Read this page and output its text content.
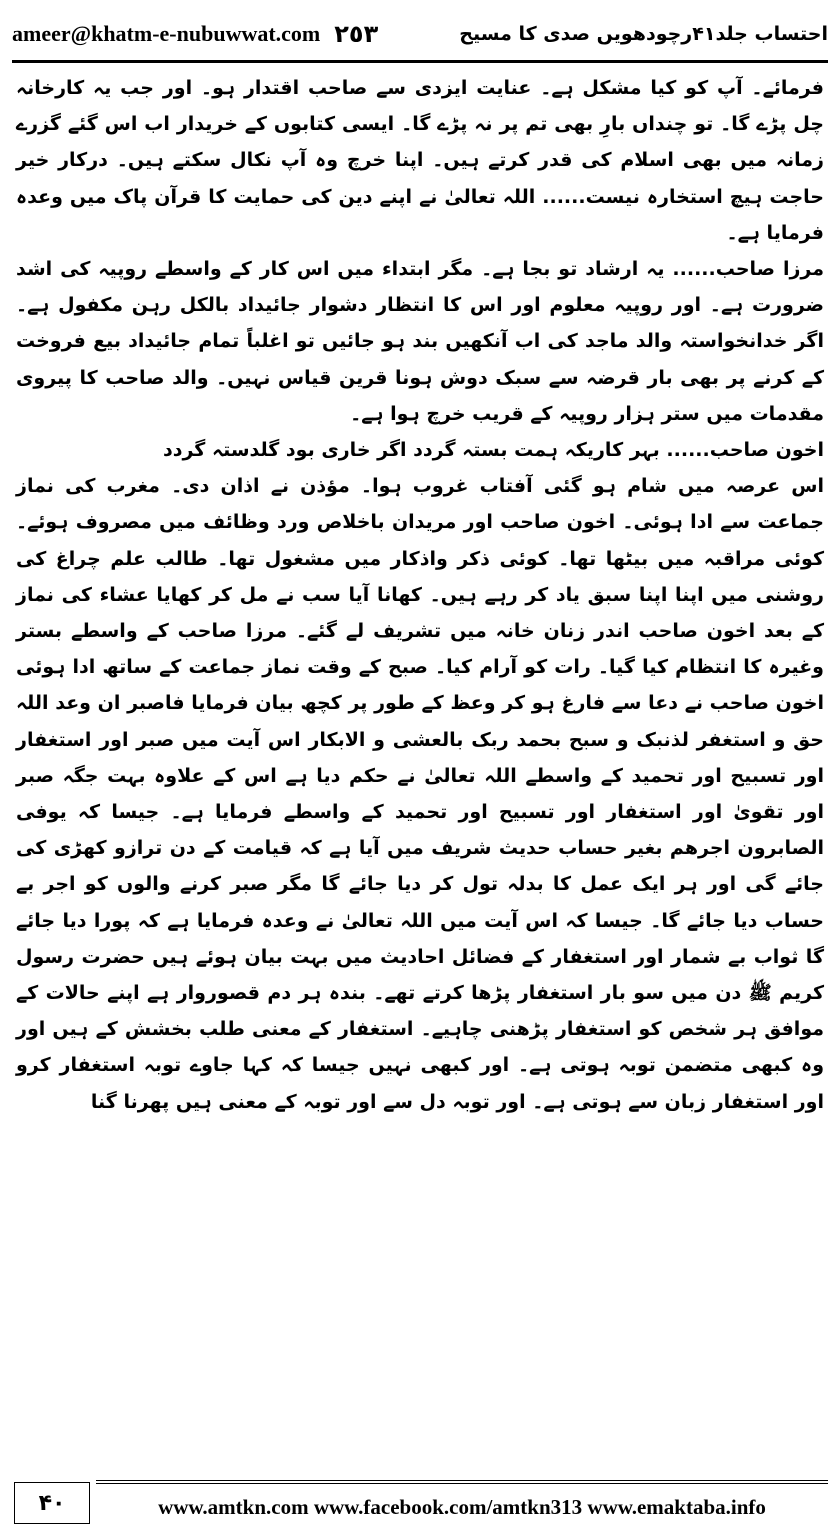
ameer@khatm-e-nubuwwat.com ٢٥٣	احتساب جلد۴۱رچودھویں صدی کا مسیح

فرمائے۔ آپ کو کیا مشکل ہے۔ عنایت ایزدی سے صاحب اقتدار ہو۔ اور جب یہ کارخانہ چل پڑے گا۔ تو چنداں بارِ بھی تم پر نہ پڑے گا۔ ایسی کتابوں کے خریدار اب اس گئے گزرے زمانہ میں بھی اسلام کی قدر کرتے ہیں۔ اپنا خرچ وہ آپ نکال سکتے ہیں۔ درکار خیر حاجت ہیچ استخارہ نیست...... اللہ تعالیٰ نے اپنے دین کی حمایت کا قرآن پاک میں وعدہ فرمایا ہے۔

مرزا صاحب...... یہ ارشاد تو بجا ہے۔ مگر ابتداء میں اس کار کے واسطے روپیہ کی اشد ضرورت ہے۔ اور روپیہ معلوم اور اس کا انتظار دشوار جائیداد بالکل رہن مکفول ہے۔ اگر خدانخواستہ والد ماجد کی اب آنکھیں بند ہو جائیں تو اغلباً تمام جائیداد بیع فروخت کے کرنے پر بھی بار قرضہ سے سبک دوش ہونا قرین قیاس نہیں۔ والد صاحب کا پیروی مقدمات میں ستر ہزار روپیہ کے قریب خرچ ہوا ہے۔

اخون صاحب...... بہر کاریکہ ہمت بستہ گردد اگر خاری بود گلدستہ گردد

اس عرصہ میں شام ہو گئی آفتاب غروب ہوا۔ مؤذن نے اذان دی۔ مغرب کی نماز جماعت سے ادا ہوئی۔ اخون صاحب اور مریدان باخلاص ورد وظائف میں مصروف ہوئے۔ کوئی مراقبہ میں بیٹھا تھا۔ کوئی ذکر واذکار میں مشغول تھا۔ طالب علم چراغ کی روشنی میں اپنا اپنا سبق یاد کر رہے ہیں۔ کھانا آیا سب نے مل کر کھایا عشاء کی نماز کے بعد اخون صاحب اندر زنان خانہ میں تشریف لے گئے۔ مرزا صاحب کے واسطے بستر وغیرہ کا انتظام کیا گیا۔ رات کو آرام کیا۔ صبح کے وقت نماز جماعت کے ساتھ ادا ہوئی اخون صاحب نے دعا سے فارغ ہو کر وعظ کے طور پر کچھ بیان فرمایا فاصبر ان وعد اللہ حق و استغفر لذنبک و سبح بحمد ربک بالعشی و الابکار اس آیت میں صبر اور استغفار اور تسبیح اور تحمید کے واسطے اللہ تعالیٰ نے حکم دیا ہے اس کے علاوہ بہت جگہ صبر اور تقویٰ اور استغفار اور تسبیح اور تحمید کے واسطے فرمایا ہے۔ جیسا کہ یوفی الصابرون اجرھم بغیر حساب حدیث شریف میں آیا ہے کہ قیامت کے دن ترازو کھڑی کی جائے گی اور ہر ایک عمل کا بدلہ تول کر دیا جائے گا مگر صبر کرنے والوں کو اجر بے حساب دیا جائے گا۔ جیسا کہ اس آیت میں اللہ تعالیٰ نے وعدہ فرمایا ہے کہ پورا دیا جائے گا ثواب بے شمار اور استغفار کے فضائل احادیث میں بہت بیان ہوئے ہیں حضرت رسول کریم ﷺ دن میں سو بار استغفار پڑھا کرتے تھے۔ بندہ ہر دم قصوروار ہے اپنے حالات کے موافق ہر شخص کو استغفار پڑھنی چاہیے۔ استغفار کے معنی طلب بخشش کے ہیں اور وہ کبھی متضمن توبہ ہوتی ہے۔ اور کبھی نہیں جیسا کہ کہا جاوے توبہ استغفار کرو اور استغفار زبان سے ہوتی ہے۔ اور توبہ دل سے اور توبہ کے معنی ہیں پھرنا گنا

۴۰	www.amtkn.com www.facebook.com/amtkn313 www.emaktaba.info
